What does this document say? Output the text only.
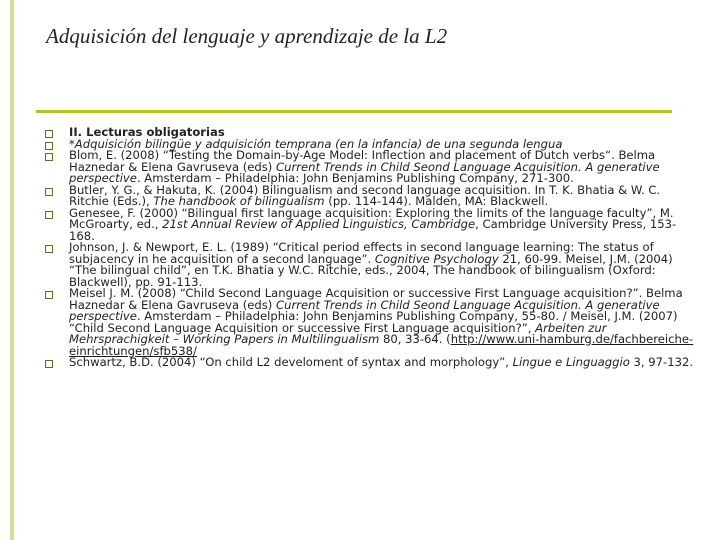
Adquisición del lenguaje y aprendizaje de la L2
II. Lecturas obligatorias
*Adquisición bilingüe y adquisición temprana (en la infancia) de una segunda lengua
Blom, E. (2008) “Testing the Domain-by-Age Model: Inflection and placement of Dutch verbs“. Belma Haznedar & Elena Gavruseva (eds) Current Trends in Child Seond Language Acquisition. A generative perspective. Amsterdam – Philadelphia: John Benjamins Publishing Company, 271-300.
Butler, Y. G., & Hakuta, K. (2004) Bilingualism and second language acquisition. In T. K. Bhatia & W. C. Ritchie (Eds.), The handbook of bilingualism (pp. 114-144). Malden, MA: Blackwell.
Genesee, F. (2000) “Bilingual first language acquisition: Exploring the limits of the language faculty”, M. McGroarty, ed., 21st Annual Review of Applied Linguistics, Cambridge, Cambridge University Press, 153-168.
Johnson, J. & Newport, E. L. (1989) “Critical period effects in second language learning: The status of subjacency in he acquisition of a second language”. Cognitive Psychology 21, 60-99. Meisel, J.M. (2004) “The bilingual child”, en T.K. Bhatia y W.C. Ritchie, eds., 2004, The handbook of bilingualism (Oxford: Blackwell), pp. 91-113.
Meisel J. M. (2008) “Child Second Language Acquisition or successive First Language acquisition?”. Belma Haznedar & Elena Gavruseva (eds) Current Trends in Child Seond Language Acquisition. A generative perspective. Amsterdam – Philadelphia: John Benjamins Publishing Company, 55-80. / Meisel, J.M. (2007) “Child Second Language Acquisition or successive First Language acquisition?”, Arbeiten zur Mehrsprachigkeit – Working Papers in Multilingualism 80, 33-64. (http://www.uni-hamburg.de/fachbereiche-einrichtungen/sfb538/
Schwartz, B.D. (2004) “On child L2 develoment of syntax and morphology”, Lingue e Linguaggio 3, 97-132.
